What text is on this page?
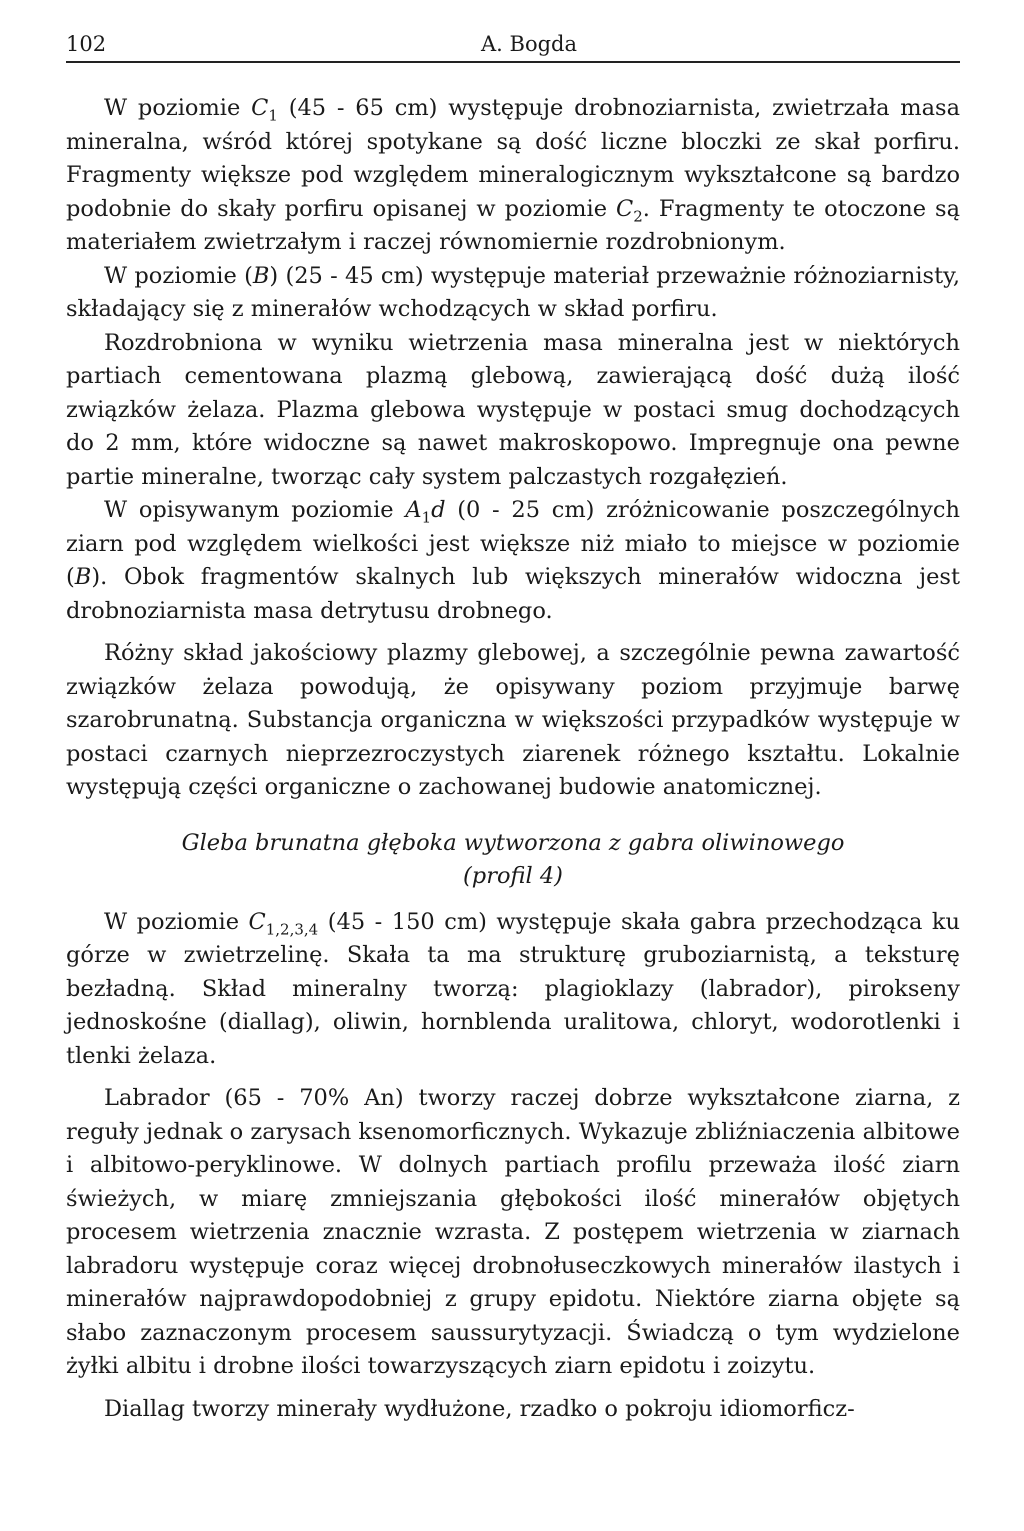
102	A. Bogda

W poziomie $C_1$ (45 - 65 cm) występuje drobnoziarnista, zwietrzała masa mineralna, wśród której spotykane są dość liczne bloczki ze skał porfiru. Fragmenty większe pod względem mineralogicznym wykształcone są bardzo podobnie do skały porfiru opisanej w poziomie $C_2$. Fragmenty te otoczone są materiałem zwietrzałym i raczej równomiernie rozdrobnionym.

W poziomie (B) (25 - 45 cm) występuje materiał przeważnie różnoziarnisty, składający się z minerałów wchodzących w skład porfiru.

Rozdrobniona w wyniku wietrzenia masa mineralna jest w niektórych partiach cementowana plazmą glebową, zawierającą dość dużą ilość związków żelaza. Plazma glebowa występuje w postaci smug dochodzących do 2 mm, które widoczne są nawet makroskopowo. Impregnuje ona pewne partie mineralne, tworząc cały system palczastych rozgałęzień.

W opisywanym poziomie $A_1d$ (0 - 25 cm) zróżnicowanie poszczególnych ziarn pod względem wielkości jest większe niż miało to miejsce w poziomie (B). Obok fragmentów skalnych lub większych minerałów widoczna jest drobnoziarnista masa detrytusu drobnego.

Różny skład jakościowy plazmy glebowej, a szczególnie pewna zawartość związków żelaza powodują, że opisywany poziom przyjmuje barwę szarobrunatną. Substancja organiczna w większości przypadków występuje w postaci czarnych nieprzezroczystych ziarenek różnego kształtu. Lokalnie występują części organiczne o zachowanej budowie anatomicznej.

Gleba brunatna głęboka wytworzona z gabra oliwinowego
(profil 4)

W poziomie $C_{1,2,3,4}$ (45 - 150 cm) występuje skała gabra przechodząca ku górze w zwietrzelinę. Skała ta ma strukturę gruboziarnistą, a teksturę bezładną. Skład mineralny tworzą: plagioklazy (labrador), pirokseny jednoskośne (diallag), oliwin, hornblenda uralitowa, chloryt, wodorotlenki i tlenki żelaza.

Labrador (65 - 70% An) tworzy raczej dobrze wykształcone ziarna, z reguły jednak o zarysach ksenomorficznych. Wykazuje zbliźniaczenia albitowe i albitowo-peryklinowe. W dolnych partiach profilu przeważa ilość ziarn świeżych, w miarę zmniejszania głębokości ilość minerałów objętych procesem wietrzenia znacznie wzrasta. Z postępem wietrzenia w ziarnach labradoru występuje coraz więcej drobnołuseczkowych minerałów ilastych i minerałów najprawdopodobniej z grupy epidotu. Niektóre ziarna objęte są słabo zaznaczonym procesem saussurytyzacji. Świadczą o tym wydzielone żyłki albitu i drobne ilości towarzyszących ziarn epidotu i zoizytu.

Diallag tworzy minerały wydłużone, rzadko o pokroju idiomorficz-
